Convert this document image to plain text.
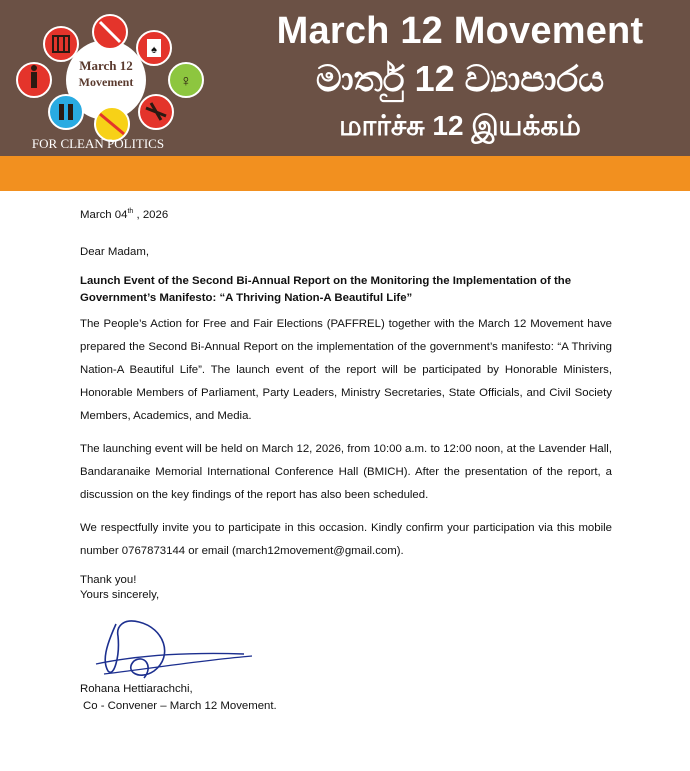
March 12
Movement
♠
♀
FOR CLEAN POLITICS
March 12 Movement
මාර්තු 12 ව්‍යාපාරය
மார்ச்சு 12 இயக்கம்

March 04th , 2026

Dear Madam,

Launch Event of the Second Bi-Annual Report on the Monitoring the Implementation of the Government’s Manifesto: “A Thriving Nation-A Beautiful Life”

The People’s Action for Free and Fair Elections (PAFFREL) together with the March 12 Movement have prepared the Second Bi-Annual Report on the implementation of the government’s manifesto: “A Thriving Nation-A Beautiful Life”. The launch event of the report will be participated by Honorable Ministers, Honorable Members of Parliament, Party Leaders, Ministry Secretaries, State Officials, and Civil Society Members, Academics, and Media.

The launching event will be held on March 12, 2026, from 10:00 a.m. to 12:00 noon, at the Lavender Hall, Bandaranaike Memorial International Conference Hall (BMICH). After the presentation of the report, a discussion on the key findings of the report has also been scheduled.

We respectfully invite you to participate in this occasion. Kindly confirm your participation via this mobile number 0767873144 or email (march12movement@gmail.com).

Thank you!

Yours sincerely,

Rohana Hettiarachchi,
Co - Convener – March 12 Movement.
